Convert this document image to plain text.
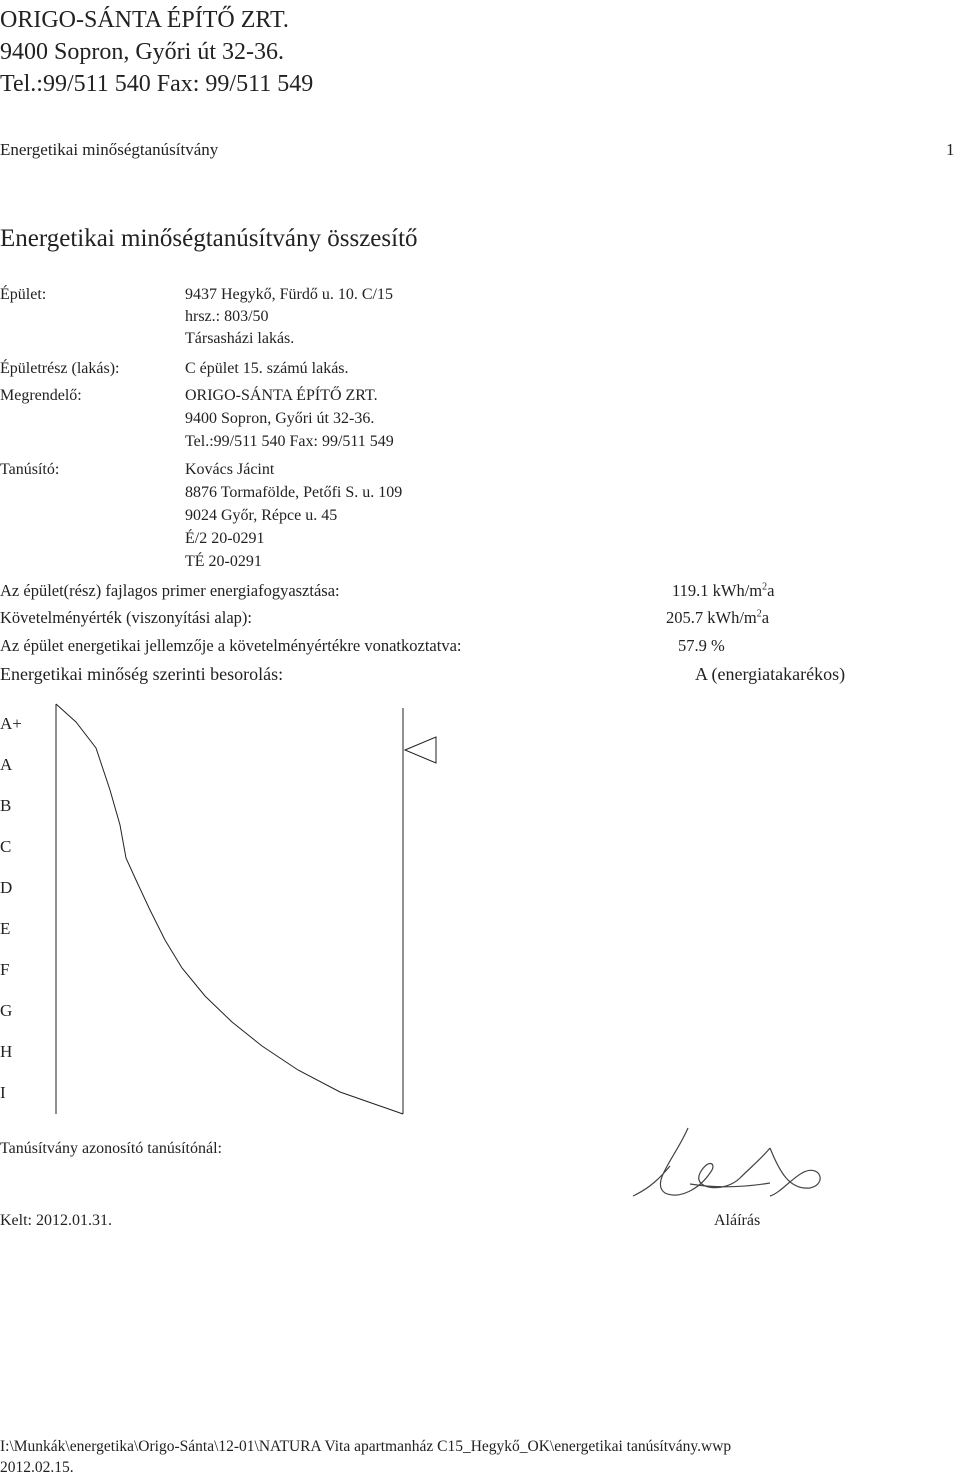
ORIGO-SÁNTA ÉPÍTŐ ZRT.
9400 Sopron, Győri út 32-36.
Tel.:99/511 540 Fax: 99/511 549
Energetikai minőségtanúsítvány	1
Energetikai minőségtanúsítvány összesítő
Épület:	9437 Hegykő, Fürdő u. 10. C/15
hrsz.: 803/50
Társasházi lakás.
Épületrész (lakás):	C épület 15. számú lakás.
Megrendelő:	ORIGO-SÁNTA ÉPÍTŐ ZRT.
9400 Sopron, Győri út 32-36.
Tel.:99/511 540 Fax: 99/511 549
Tanúsító:	Kovács Jácint
8876 Tormafölde, Petőfi S. u. 109
9024 Győr, Répce u. 45
É/2 20-0291
TÉ 20-0291
Az épület(rész) fajlagos primer energiafogyasztása:	119.1 kWh/$m^2a$
Követelményérték (viszonyítási alap):	205.7 kWh/$m^2a$
Az épület energetikai jellemzője a követelményértékre vonatkoztatva:	57.9 %
Energetikai minőség szerinti besorolás:	A (energiatakarékos)
A+
A
B
C
D
E
F
G
H
I
Tanúsítvány azonosító tanúsítónál:
Kelt: 2012.01.31.	Aláírás
I:\Munkák\energetika\Origo-Sánta\12-01\NATURA Vita apartmanház C15_Hegykő_OK\energetikai tanúsítvány.wwp
2012.02.15.
